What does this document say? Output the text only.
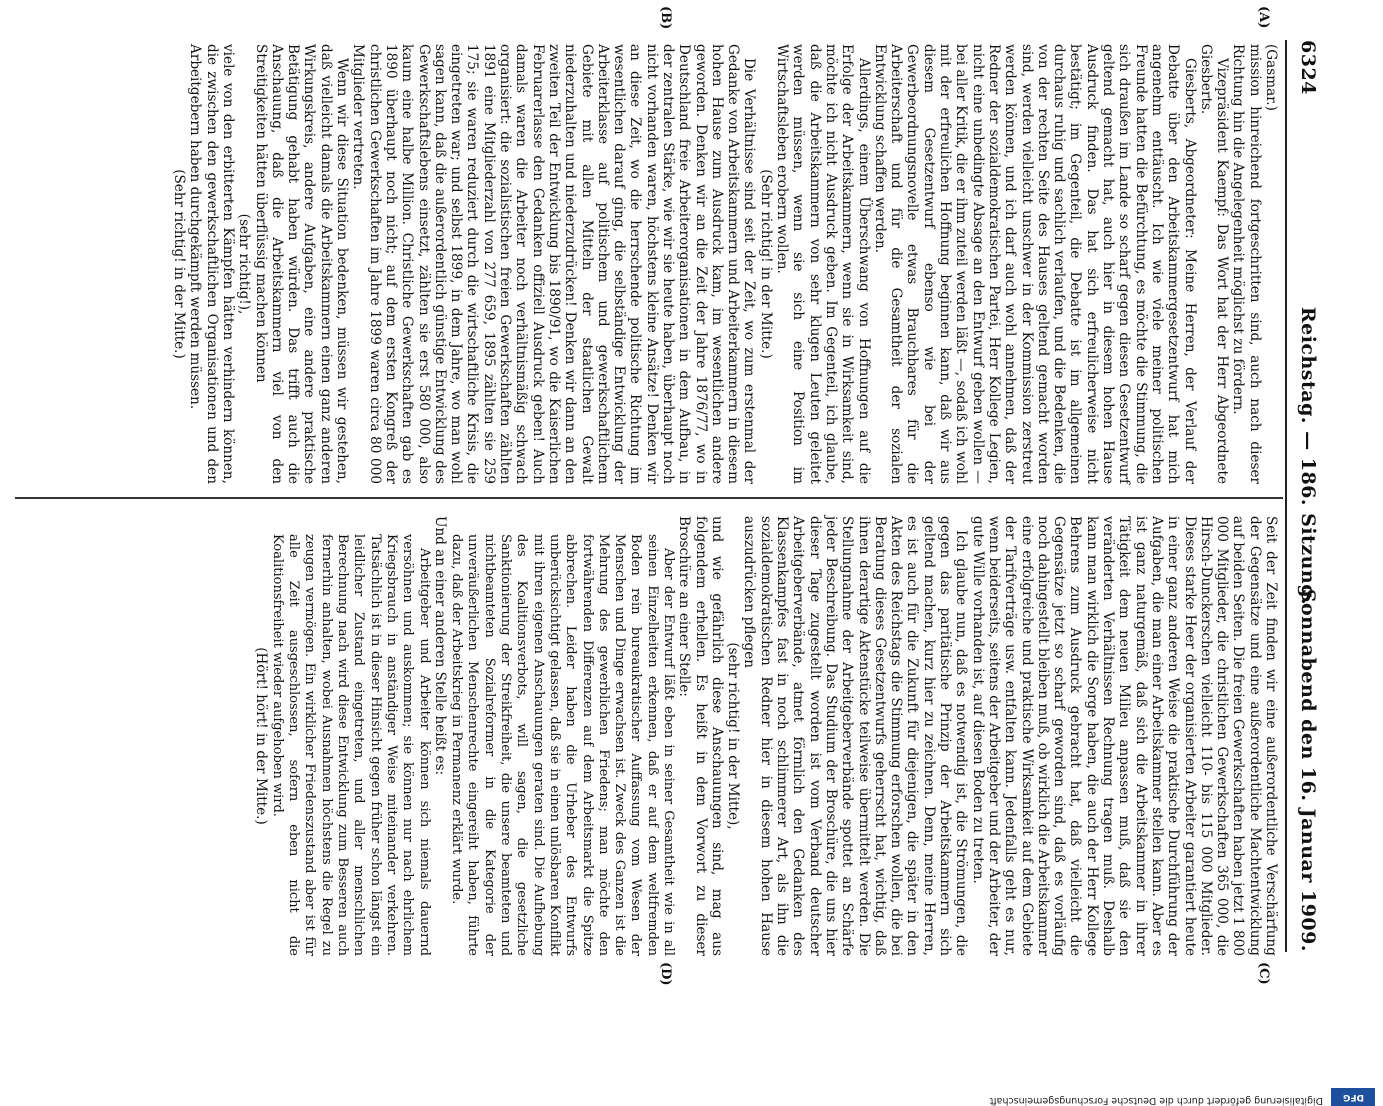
6324
Reichstag. — 186. Sitzung.
Sonnabend den 16. Januar 1909.
(A)
(B)
(C)
(D)

(Gasmar.)

mission hinreichend fortgeschritten sind, auch nach dieser Richtung hin die Angelegenheit möglichst zu fördern.

Vizepräsident Kaempf: Das Wort hat der Herr Abgeordnete Giesberts.

Giesberts, Abgeordneter: Meine Herren, der Verlauf der Debatte über den Arbeitskammergesetzentwurf hat mich angenehm enttäuscht. Ich wie viele meiner politischen Freunde hatten die Befürchtung, es möchte die Stimmung, die sich draußen im Lande so scharf gegen diesen Gesetzentwurf geltend gemacht hat, auch hier in diesem hohen Hause Ausdruck finden. Das hat sich erfreulicherweise nicht bestätigt; im Gegenteil, die Debatte ist im allgemeinen durchaus ruhig und sachlich verlaufen, und die Bedenken, die von der rechten Seite des Hauses geltend gemacht worden sind, werden vielleicht unschwer in der Kommission zerstreut werden können, und ich darf auch wohl annehmen, daß der Redner der sozialdemokratischen Partei, Herr Kollege Legien, nicht eine unbedingte Absage an den Entwurf geben wollen — bei aller Kritik, die er ihm zuteil werden läßt —, sodaß ich wohl mit der erfreulichen Hoffnung beginnen kann, daß wir aus diesem Gesetzentwurf ebenso wie bei der Gewerbeordnungsnovelle etwas Brauchbares für die Arbeiterschaft und für die Gesamtheit der sozialen Entwicklung schaffen werden.

Allerdings, einem Überschwang von Hoffnungen auf die Erfolge der Arbeitskammern, wenn sie in Wirksamkeit sind, möchte ich nicht Ausdruck geben. Im Gegenteil, ich glaube, daß die Arbeitskammern von sehr klugen Leuten geleitet werden müssen, wenn sie sich eine Position im Wirtschaftsleben erobern wollen.

(Sehr richtig! in der Mitte.)

Die Verhältnisse sind seit der Zeit, wo zum erstenmal der Gedanke von Arbeitskammern und Arbeiterkammern in diesem hohen Hause zum Ausdruck kam, im wesentlichen andere geworden. Denken wir an die Zeit der Jahre 1876/77, wo in Deutschland freie Arbeiterorganisationen in dem Aufbau, in der zentralen Stärke, wie wir sie heute haben, überhaupt noch nicht vorhanden waren, höchstens kleine Ansätze! Denken wir an diese Zeit, wo die herrschende politische Richtung im wesentlichen darauf ging, die selbständige Entwicklung der Arbeiterklasse auf politischem und gewerkschaftlichem Gebiete mit allen Mitteln der staatlichen Gewalt niederzuhalten und niederzudrücken! Denken wir dann an den zweiten Teil der Entwicklung bis 1890/91, wo die Kaiserlichen Februarerlasse den Gedanken offiziell Ausdruck geben! Auch damals waren die Arbeiter noch verhältnismäßig schwach organisiert: die sozialistischen freien Gewerkschaften zählten 1891 eine Mitgliederzahl von 277 659, 1895 zählten sie 259 175; sie waren reduziert durch die wirtschaftliche Krisis, die eingetreten war; und selbst 1899, in dem Jahre, wo man wohl sagen kann, daß die außerordentlich günstige Entwicklung des Gewerkschaftslebens einsetzt, zählten sie erst 580 000, also kaum eine halbe Million. Christliche Gewerkschaften gab es 1890 überhaupt noch nicht; auf dem ersten Kongreß der christlichen Gewerkschaften im Jahre 1899 waren circa 80 000 Mitglieder vertreten.

Wenn wir diese Situation bedenken, müssen wir gestehen, daß vielleicht damals die Arbeitskammern einen ganz anderen Wirkungskreis, andere Aufgaben, eine andere praktische Betätigung gehabt haben würden. Das trifft auch die Anschauung, daß die Arbeitskammern viel von den Streitigkeiten hätten überflüssig machen können

(sehr richtig!),

viele von den erbitterten Kämpfen hätten verhindern können, die zwischen den gewerkschaftlichen Organisationen und den Arbeitgebern haben durchgekämpft werden müssen.

(Sehr richtig! in der Mitte.)

Seit der Zeit finden wir eine außerordentliche Verschärfung der Gegensätze und eine außerordentliche Machtentwicklung auf beiden Seiten. Die freien Gewerkschaften haben jetzt 1 800 000 Mitglieder, die christlichen Gewerkschaften 365 000, die Hirsch-Dunckerschen vielleicht 110- bis 115 000 Mitglieder. Dieses starke Heer der organisierten Arbeiter garantiert heute in einer ganz anderen Weise die praktische Durchführung der Aufgaben, die man einer Arbeitskammer stellen kann. Aber es ist ganz naturgemäß, daß sich die Arbeitskammer in ihrer Tätigkeit dem neuen Milieu anpassen muß, daß sie den veränderten Verhältnissen Rechnung tragen muß. Deshalb kann man wirklich die Sorge haben, die auch der Herr Kollege Behrens zum Ausdruck gebracht hat, daß vielleicht die Gegensätze jetzt so scharf geworden sind, daß es vorläufig noch dahingestellt bleiben muß, ob wirklich die Arbeitskammer eine erfolgreiche und praktische Wirksamkeit auf dem Gebiete der Tarifverträge usw. entfalten kann. Jedenfalls geht es nur, wenn beiderseits, seitens der Arbeitgeber und der Arbeiter, der gute Wille vorhanden ist, auf diesen Boden zu treten.

Ich glaube nun, daß es notwendig ist, die Strömungen, die gegen das paritätische Prinzip der Arbeitskammern sich geltend machen, kurz hier zu zeichnen. Denn, meine Herren, es ist auch für die Zukunft für diejenigen, die später in den Akten des Reichstags die Stimmung erforschen wollen, die bei Beratung dieses Gesetzentwurfs geherrscht hat, wichtig, daß ihnen derartige Aktenstücke teilweise übermittelt werden. Die Stellungnahme der Arbeitgeberverbände spottet an Schärfe jeder Beschreibung. Das Studium der Broschüre, die uns hier dieser Tage zugestellt worden ist vom Verband deutscher Arbeitgeberverbände, atmet förmlich den Gedanken des Klassenkampfes fast in noch schlimmerer Art, als ihn die sozialdemokratischen Redner hier in diesem hohen Hause auszudrücken pflegen

(sehr richtig! in der Mitte),

und wie gefährlich diese Anschauungen sind, mag aus folgendem erhellen. Es heißt in dem Vorwort zu dieser Broschüre an einer Stelle:

Aber der Entwurf läßt eben in seiner Gesamtheit wie in all seinen Einzelheiten erkennen, daß er auf dem weltfremden Boden rein bureaukratischer Auffassung vom Wesen der Menschen und Dinge erwachsen ist. Zweck des Ganzen ist die Mehrung des gewerblichen Friedens; man möchte den fortwährenden Differenzen auf dem Arbeitsmarkt die Spitze abbrechen. Leider haben die Urheber des Entwurfs unberücksichtigt gelassen, daß sie in einen unlösbaren Konflikt mit ihren eigenen Anschauungen geraten sind. Die Aufhebung des Koalitionsverbots, will sagen, die gesetzliche Sanktionierung der Streikfreiheit, die unsere beamteten und nichtbeamteten Sozialreformer in die Kategorie der unveräußerlichen Menschenrechte eingereiht haben, führte dazu, daß der Arbeitskrieg in Permanenz erklärt wurde.

Und an einer anderen Stelle heißt es:

Arbeitgeber und Arbeiter können sich niemals dauernd versöhnen und auskommen; sie können nur nach ehrlichem Kriegsbrauch in anständiger Weise miteinander verkehren. Tatsächlich ist in dieser Hinsicht gegen früher schon längst ein leidlicher Zustand eingetreten, und aller menschlichen Berechnung nach wird diese Entwicklung zum Besseren auch fernerhin anhalten, wobei Ausnahmen höchstens die Regel zu zeugen vermögen. Ein wirklicher Friedenszustand aber ist für alle Zeit ausgeschlossen, sofern eben nicht die Koalitionsfreiheit wieder aufgehoben wird.

(Hört! hört! in der Mitte.)

DFG
Digitalisierung gefördert durch die Deutsche Forschungsgemeinschaft
